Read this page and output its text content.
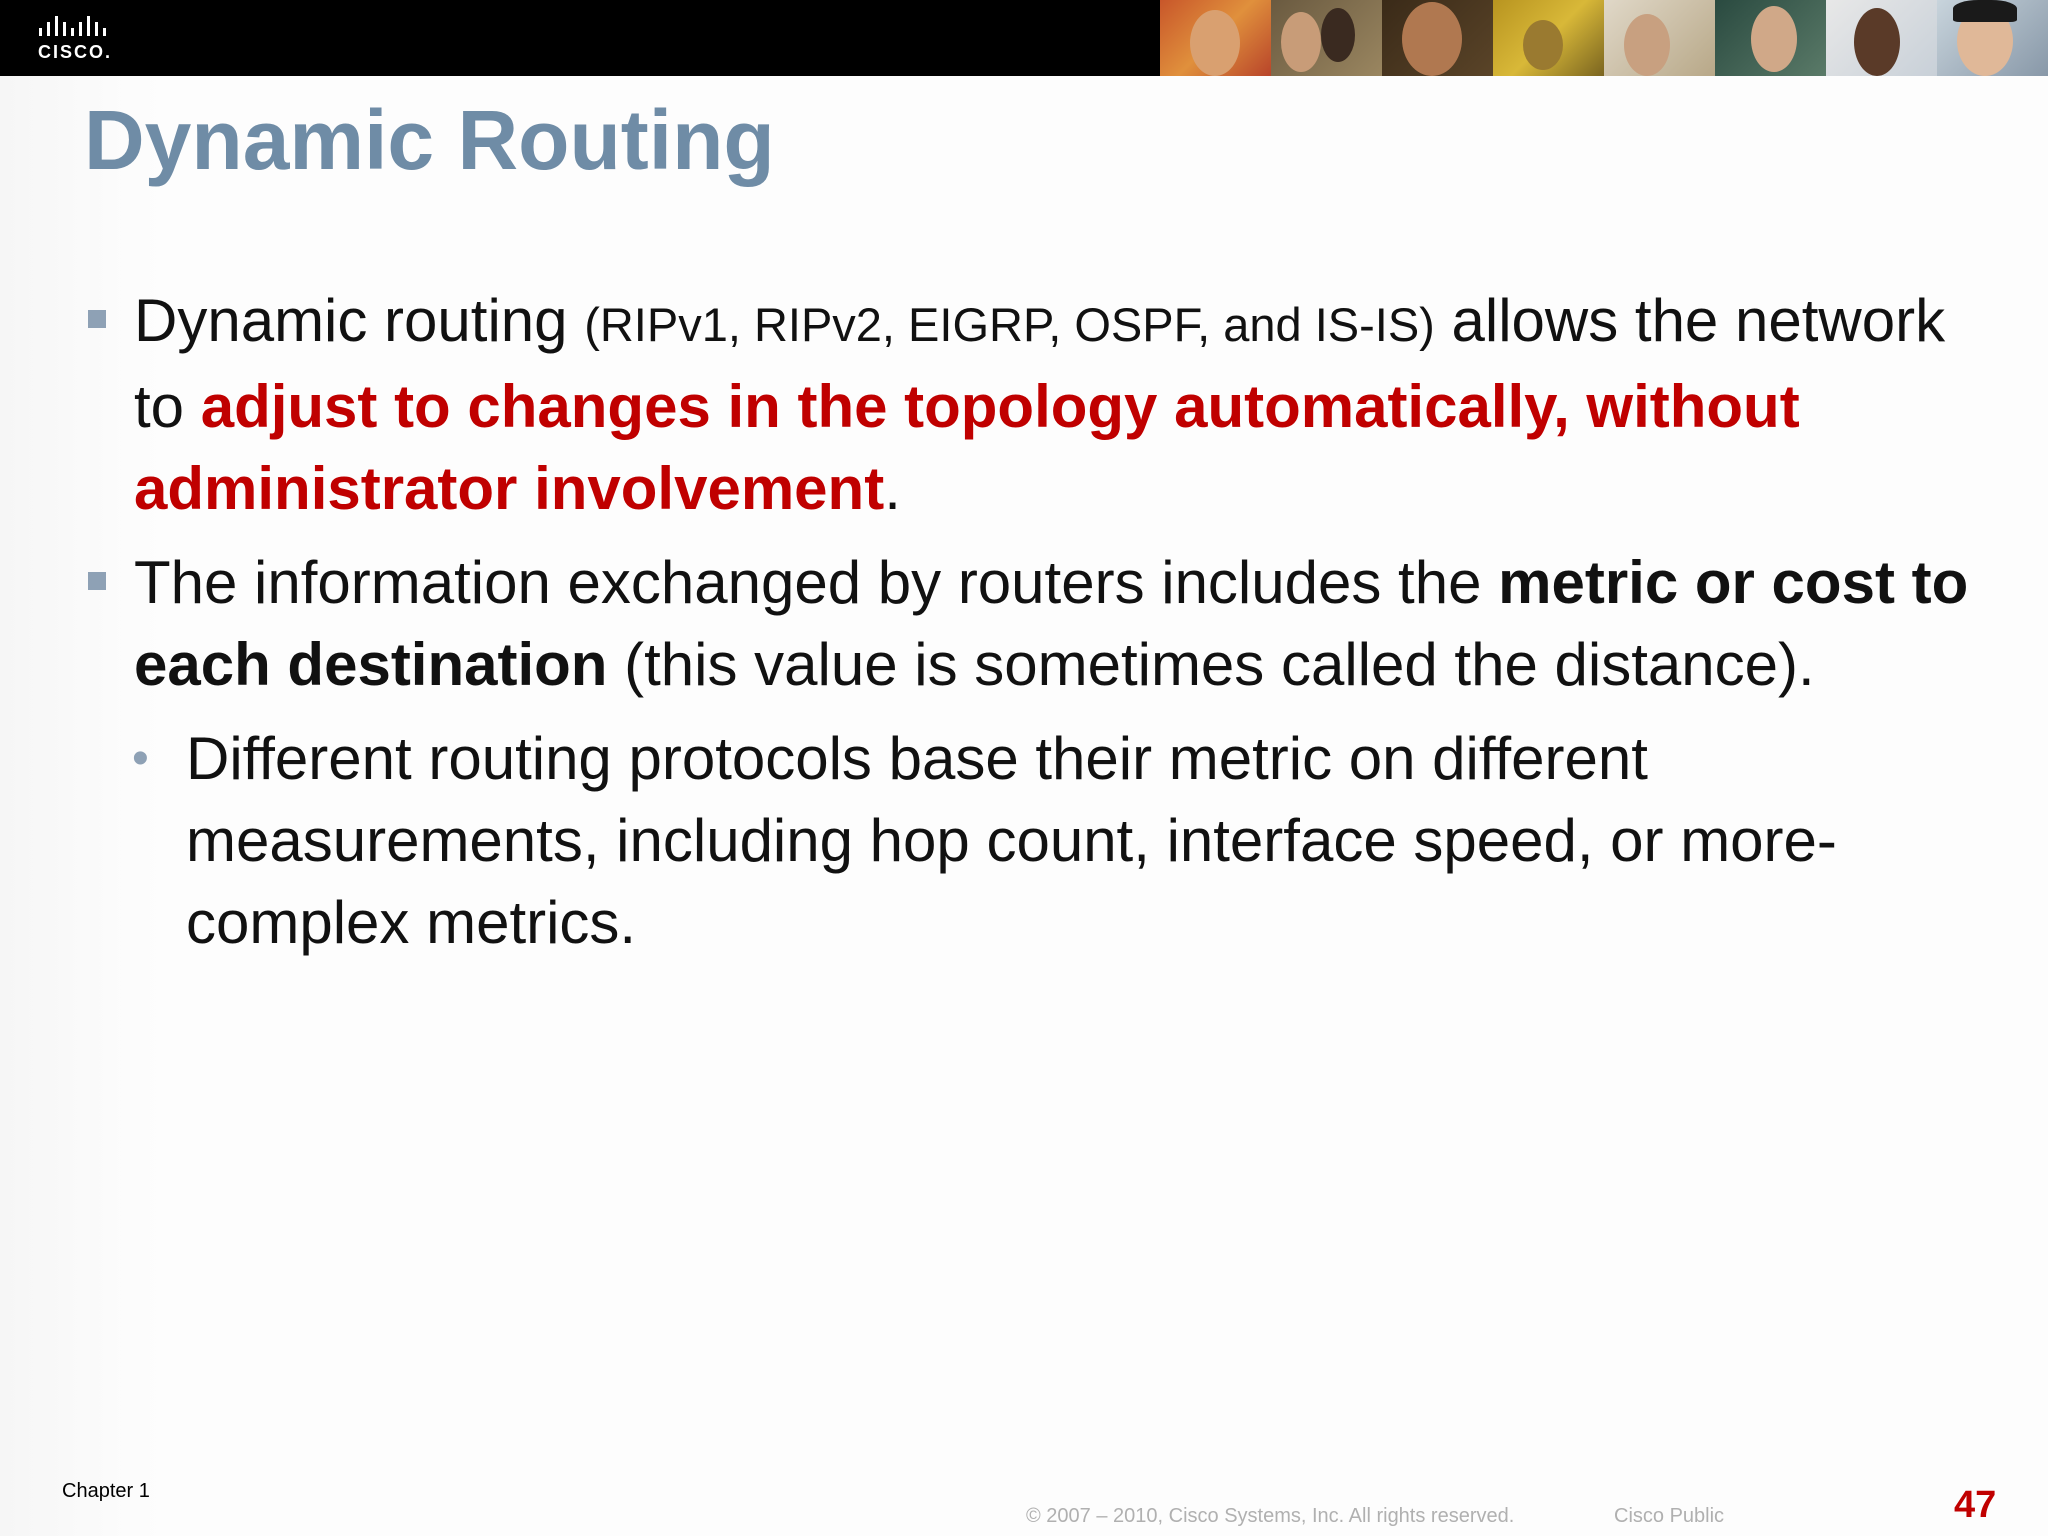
CISCO.
Dynamic Routing
Dynamic routing (RIPv1, RIPv2, EIGRP, OSPF, and IS-IS) allows the network to adjust to changes in the topology automatically, without administrator involvement.
The information exchanged by routers includes the metric or cost to each destination (this value is sometimes called the distance).
• Different routing protocols base their metric on different measurements, including hop count, interface speed, or more-complex metrics.
Chapter 1
© 2007 – 2010, Cisco Systems, Inc. All rights reserved.	Cisco Public	47
